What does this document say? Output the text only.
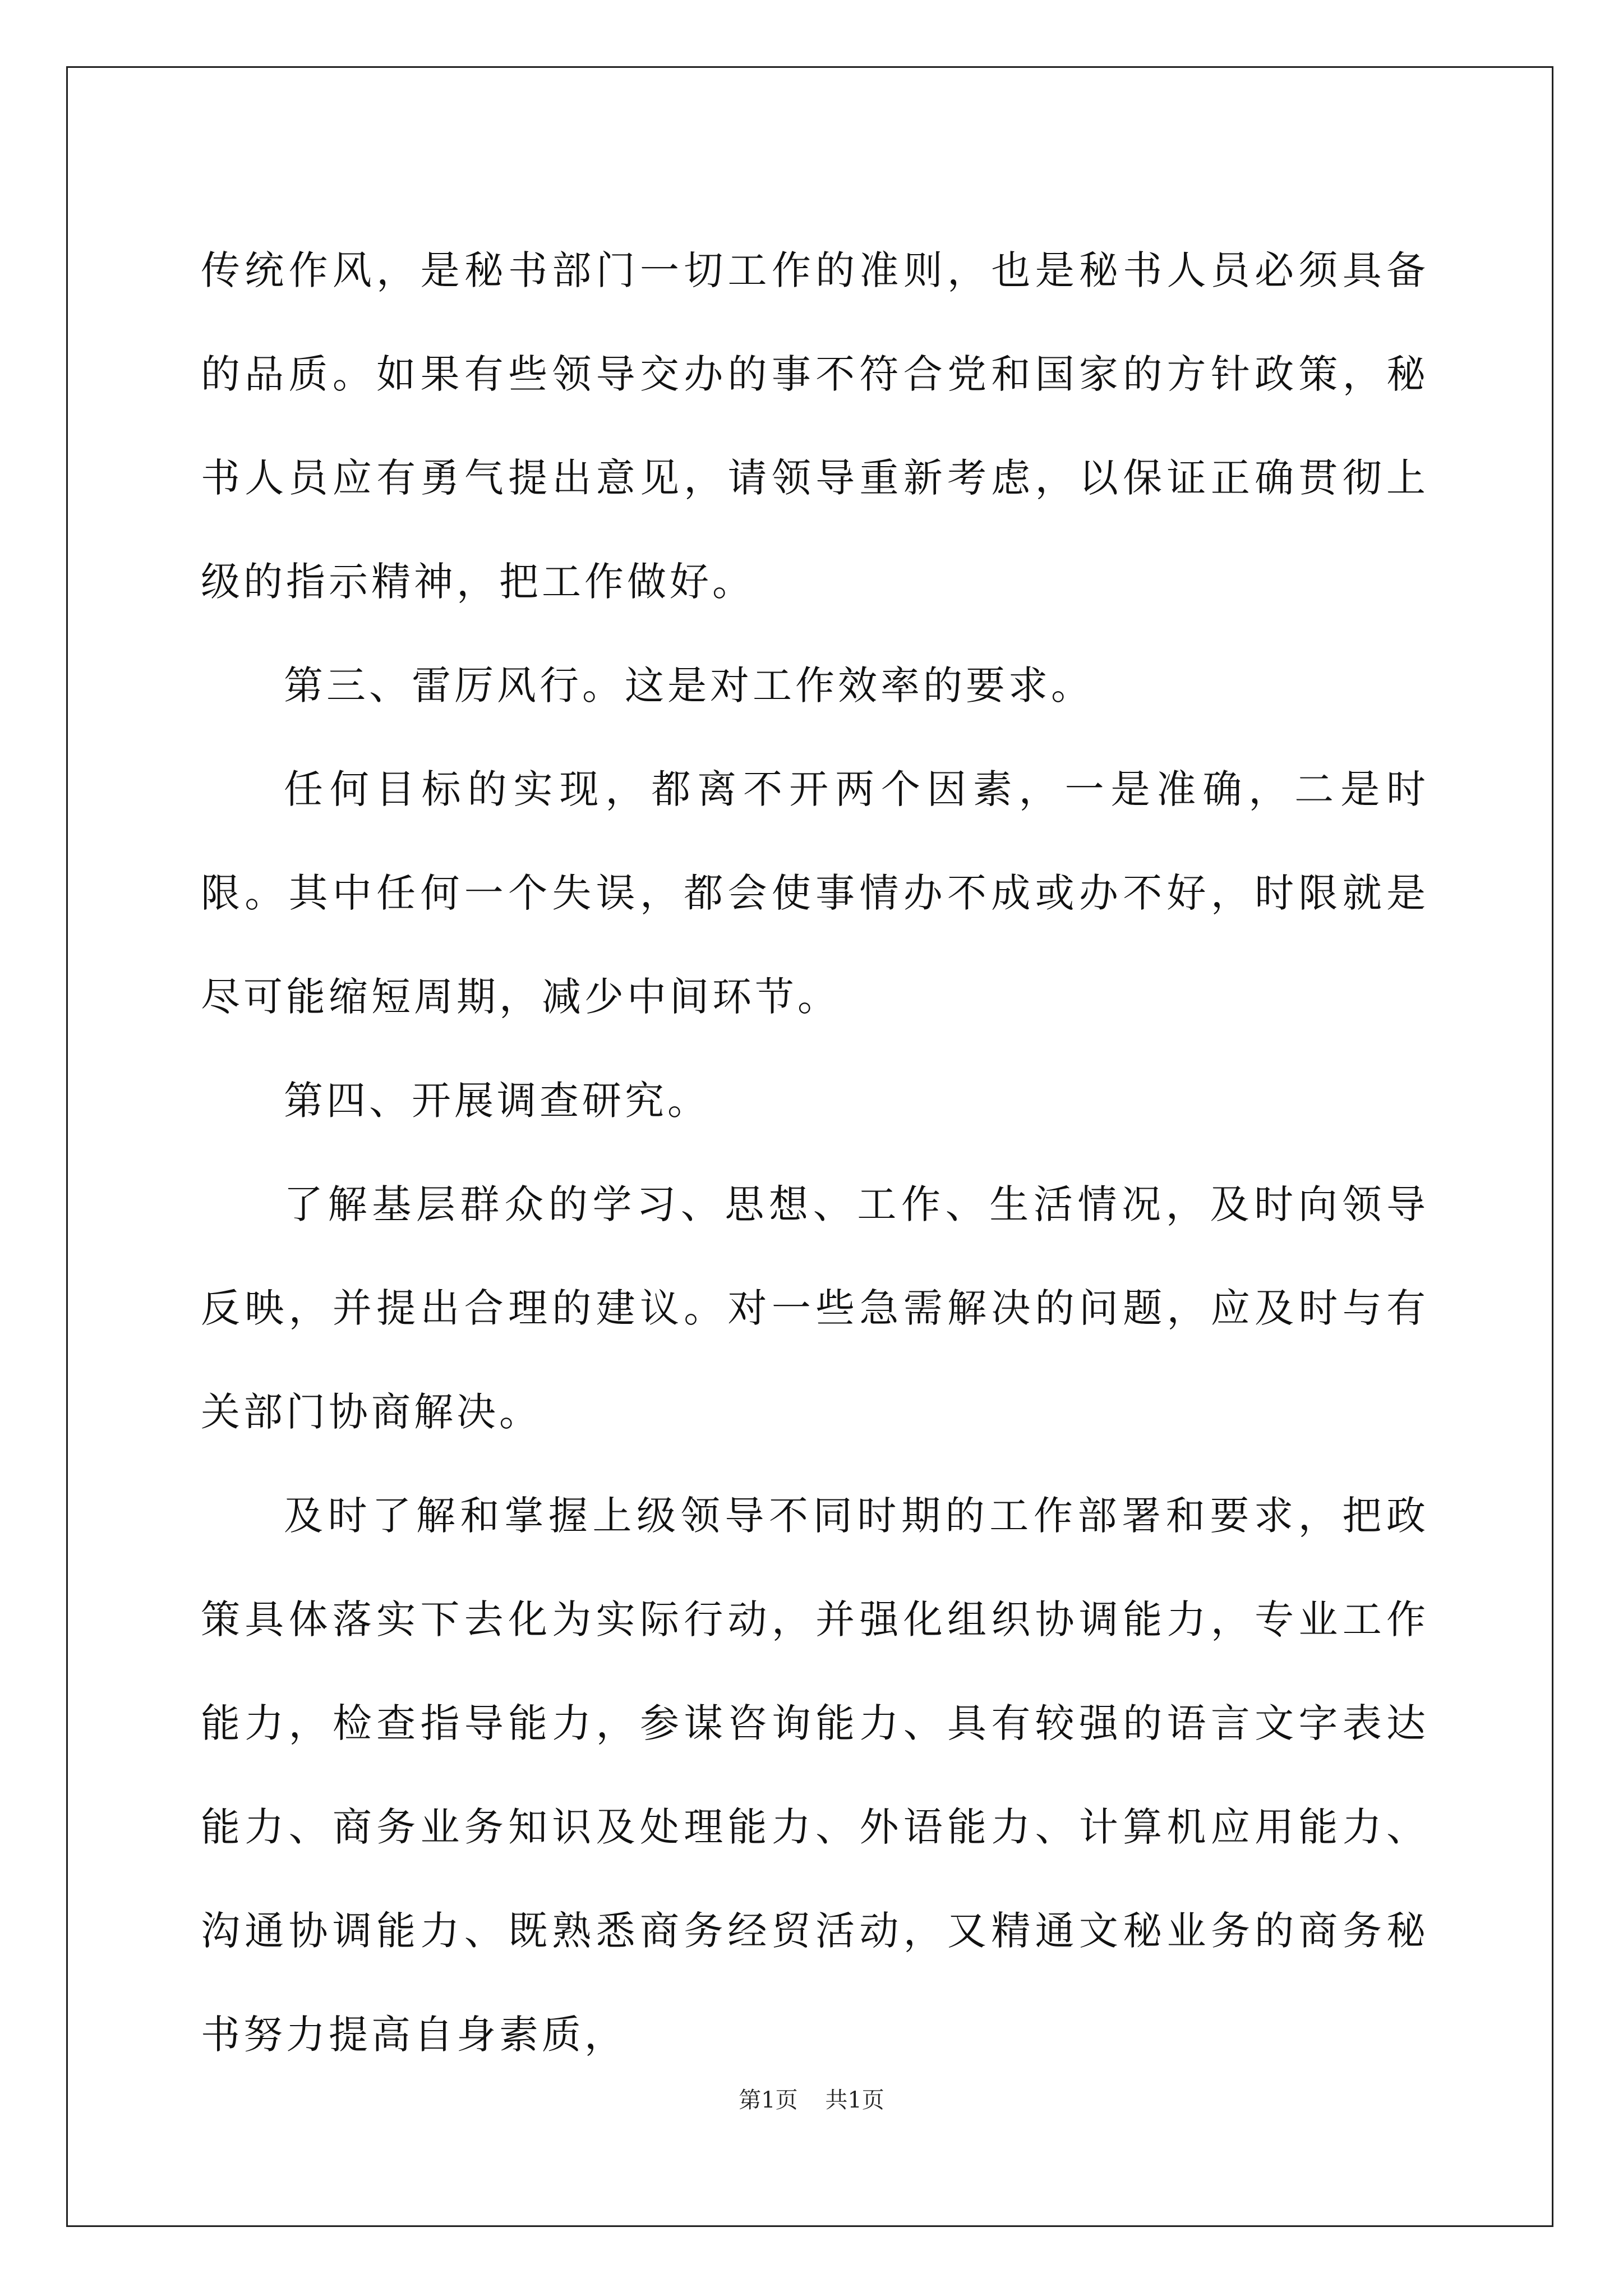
传统作风，是秘书部门一切工作的准则，也是秘书人员必须具备的品质。如果有些领导交办的事不符合党和国家的方针政策，秘书人员应有勇气提出意见，请领导重新考虑，以保证正确贯彻上级的指示精神，把工作做好。

第三、雷厉风行。这是对工作效率的要求。

任何目标的实现，都离不开两个因素，一是准确，二是时限。其中任何一个失误，都会使事情办不成或办不好，时限就是尽可能缩短周期，减少中间环节。

第四、开展调查研究。

了解基层群众的学习、思想、工作、生活情况，及时向领导反映，并提出合理的建议。对一些急需解决的问题，应及时与有关部门协商解决。

及时了解和掌握上级领导不同时期的工作部署和要求，把政策具体落实下去化为实际行动，并强化组织协调能力，专业工作能力，检查指导能力，参谋咨询能力、具有较强的语言文字表达能力、商务业务知识及处理能力、外语能力、计算机应用能力、沟通协调能力、既熟悉商务经贸活动，又精通文秘业务的商务秘书努力提高自身素质，

第1页 共1页
